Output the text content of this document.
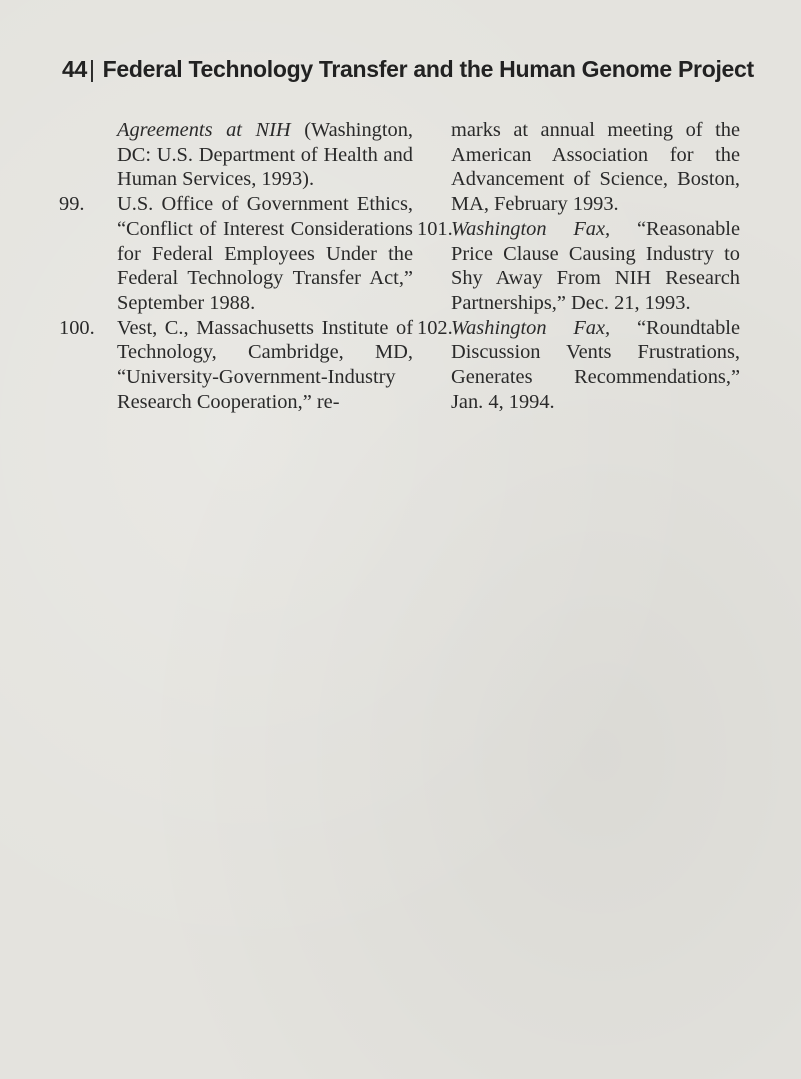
44| Federal Technology Transfer and the Human Genome Project
Agreements at NIH (Washington, DC: U.S. Department of Health and Human Services, 1993).
99. U.S. Office of Government Ethics, “Conflict of Interest Considerations for Federal Employees Under the Federal Technology Transfer Act,” September 1988.
100. Vest, C., Massachusetts Institute of Technology, Cambridge, MD, “University-Government-Industry Research Cooperation,” re-
marks at annual meeting of the American Association for the Advancement of Science, Boston, MA, February 1993.
101.
Washington Fax, “Reasonable Price Clause Causing Industry to Shy Away From NIH Research Partnerships,” Dec. 21, 1993.
102.
Washington Fax, “Roundtable Discussion Vents Frustrations, Generates Recommendations,” Jan. 4, 1994.
